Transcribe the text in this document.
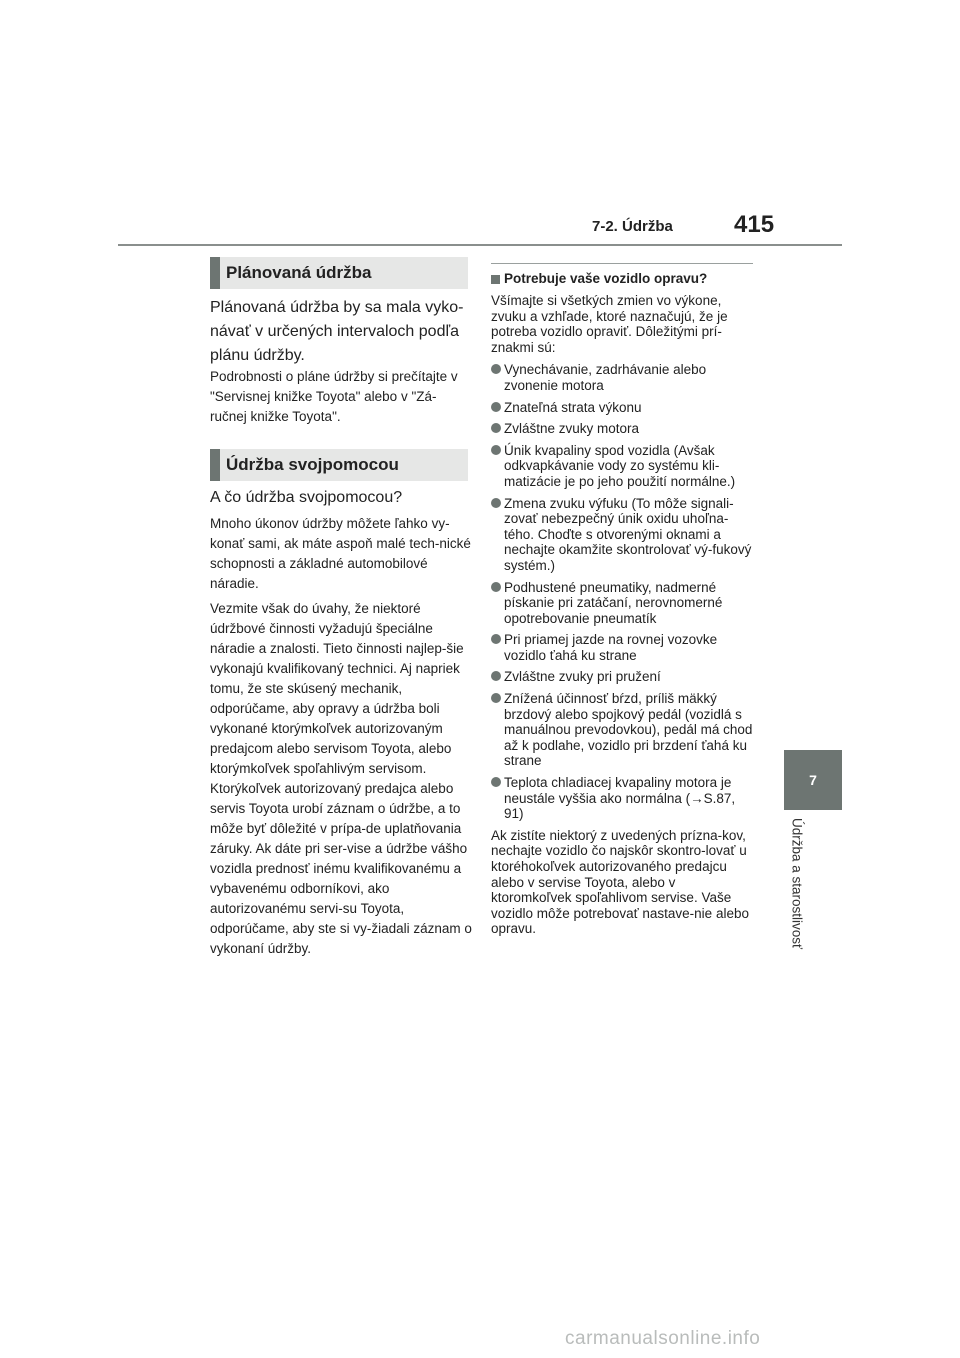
7-2. Údržba	415
Plánovaná údržba
Plánovaná údržba by sa mala vyko-návať v určených intervaloch podľa plánu údržby.
Podrobnosti o pláne údržby si prečítajte v "Servisnej knižke Toyota" alebo v "Zá-ručnej knižke Toyota".
Údržba svojpomocou
A čo údržba svojpomocou?
Mnoho úkonov údržby môžete ľahko vy-konať sami, ak máte aspoň malé tech-nické schopnosti a základné automobilové náradie.
Vezmite však do úvahy, že niektoré údržbové činnosti vyžadujú špeciálne náradie a znalosti. Tieto činnosti najlep-šie vykonajú kvalifikovaný technici. Aj napriek tomu, že ste skúsený mechanik, odporúčame, aby opravy a údržba boli vykonané ktorýmkoľvek autorizovaným predajcom alebo servisom Toyota, alebo ktorýmkoľvek spoľahlivým servisom. Ktorýkoľvek autorizovaný predajca alebo servis Toyota urobí záznam o údržbe, a to môže byť dôležité v prípa-de uplatňovania záruky. Ak dáte pri ser-vise a údržbe vášho vozidla prednosť inému kvalifikovanému a vybavenému odborníkovi, ako autorizovanému servi-su Toyota, odporúčame, aby ste si vy-žiadali záznam o vykonaní údržby.
Potrebuje vaše vozidlo opravu?
Všímajte si všetkých zmien vo výkone, zvuku a vzhľade, ktoré naznačujú, že je potreba vozidlo opraviť. Dôležitými prí-znakmi sú:
Vynechávanie, zadrhávanie alebo zvonenie motora
Znateľná strata výkonu
Zvláštne zvuky motora
Únik kvapaliny spod vozidla (Avšak odkvapkávanie vody zo systému kli-matizácie je po jeho použití normálne.)
Zmena zvuku výfuku (To môže signali-zovať nebezpečný únik oxidu uhoľna-tého. Choďte s otvorenými oknami a nechajte okamžite skontrolovať vý-fukový systém.)
Podhustené pneumatiky, nadmerné pískanie pri zatáčaní, nerovnomerné opotrebovanie pneumatík
Pri priamej jazde na rovnej vozovke vozidlo ťahá ku strane
Zvláštne zvuky pri pružení
Znížená účinnosť bŕzd, príliš mäkký brzdový alebo spojkový pedál (vozidlá s manuálnou prevodovkou), pedál má chod až k podlahe, vozidlo pri brzdení ťahá ku strane
Teplota chladiacej kvapaliny motora je neustále vyššia ako normálna (→S.87, 91)
Ak zistíte niektorý z uvedených prízna-kov, nechajte vozidlo čo najskôr skontro-lovať u ktoréhokoľvek autorizovaného predajcu alebo v servise Toyota, alebo v ktoromkoľvek spoľahlivom servise. Vaše vozidlo môže potrebovať nastave-nie alebo opravu.
7
Údržba a starostlivosť
carmanualsonline.info
